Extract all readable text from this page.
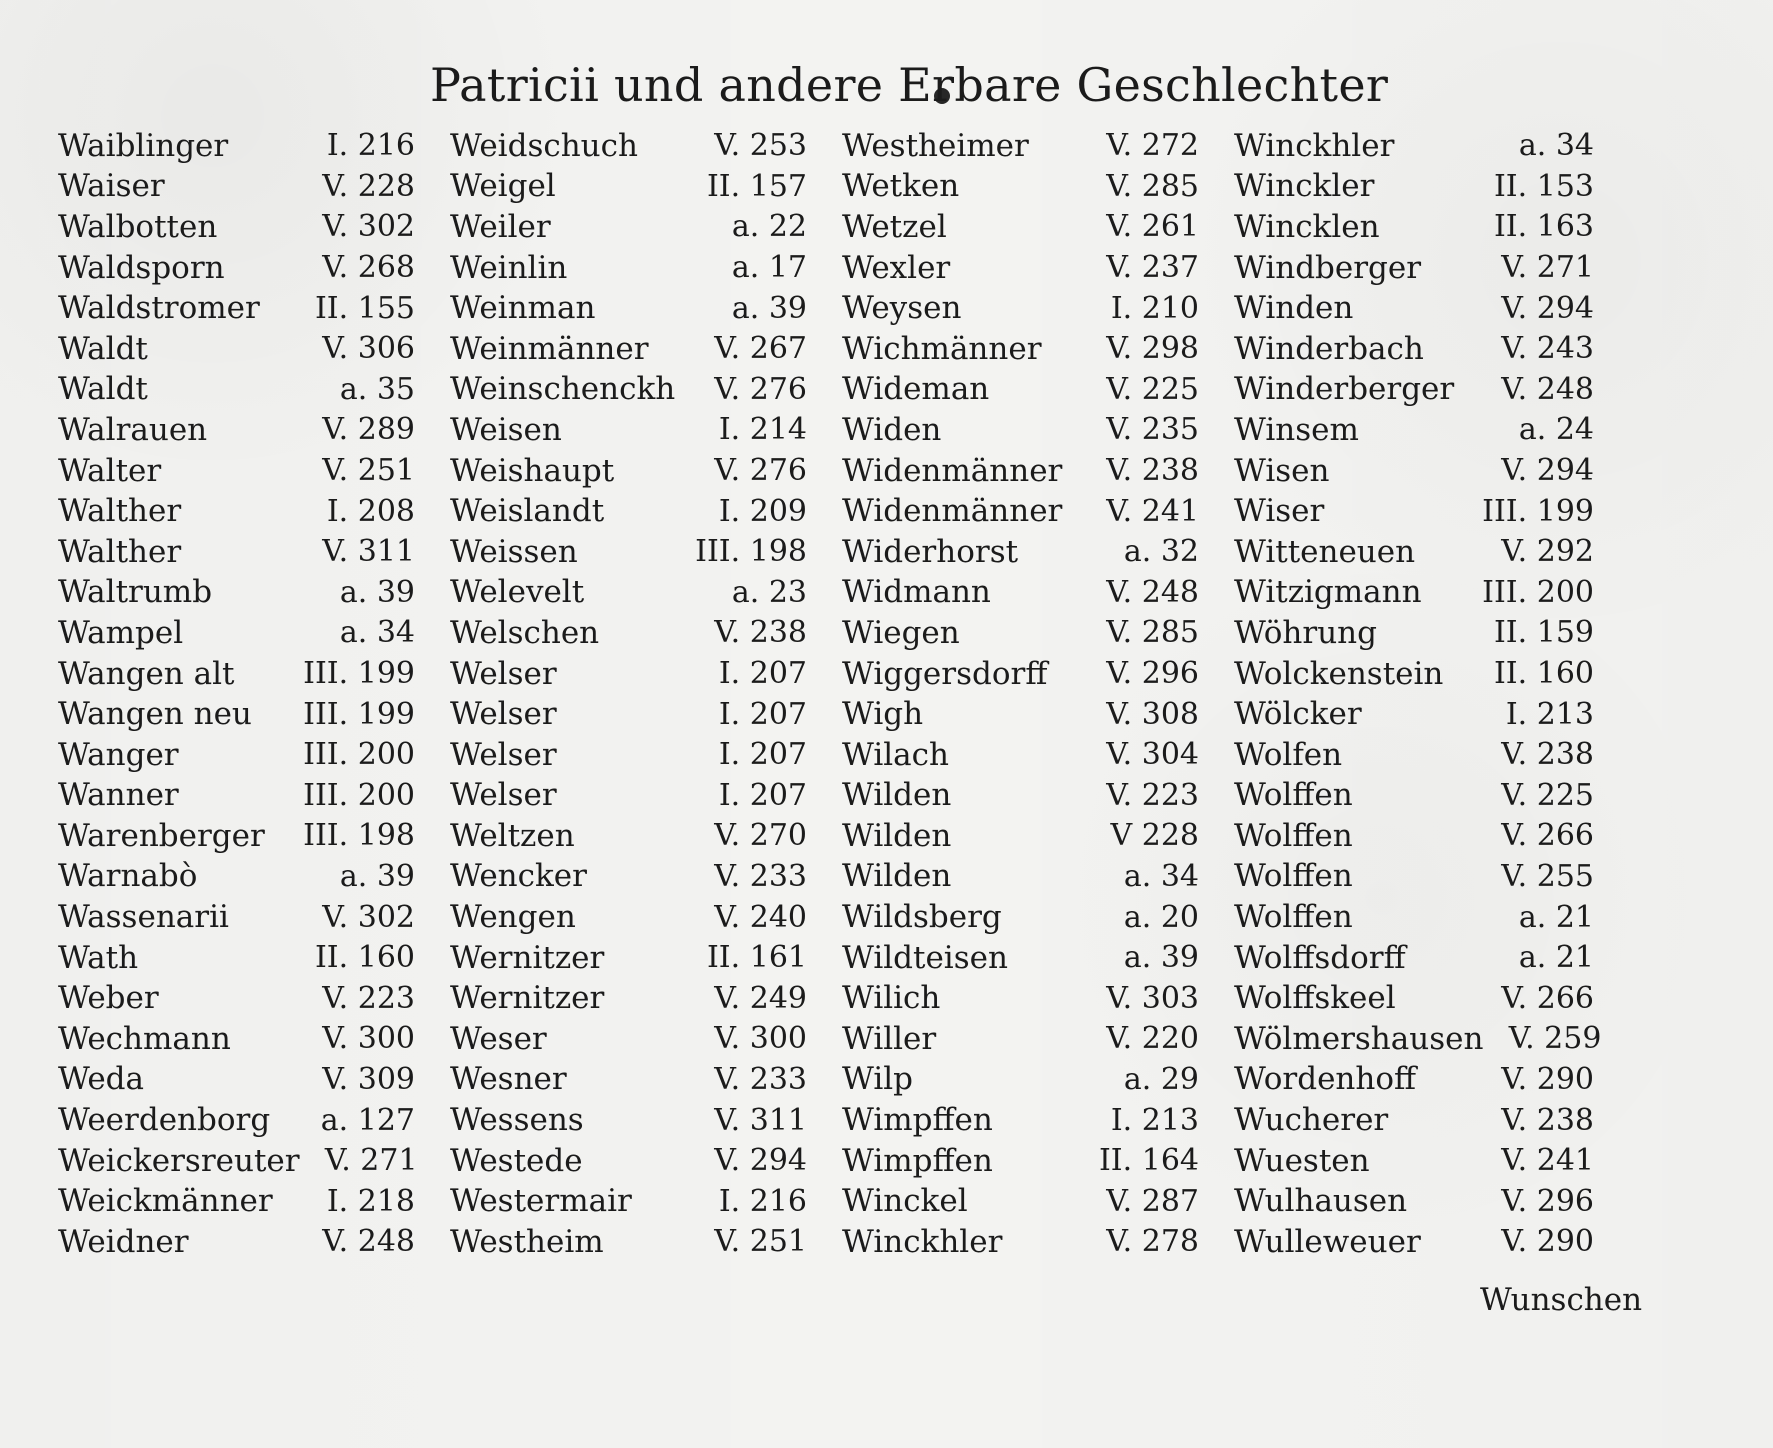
Patricii und andere Erbare Geschlechter
Waiblinger	I. 216
Waiser	V. 228
Walbotten	V. 302
Waldsporn	V. 268
Waldstromer	II. 155
Waldt	V. 306
Waldt	a. 35
Walrauen	V. 289
Walter	V. 251
Walther	I. 208
Walther	V. 311
Waltrumb	a. 39
Wampel	a. 34
Wangen alt	III. 199
Wangen neu	III. 199
Wanger	III. 200
Wanner	III. 200
Warenberger	III. 198
Warnabò	a. 39
Wassenarii	V. 302
Wath	II. 160
Weber	V. 223
Wechmann	V. 300
Weda	V. 309
Weerdenborg	a. 127
Weickersreuter V. 271
Weickmänner	I. 218
Weidner	V. 248
Weidschuch	V. 253
Weigel	II. 157
Weiler	a. 22
Weinlin	a. 17
Weinman	a. 39
Weinmänner	V. 267
Weinschenckh	V. 276
Weisen	I. 214
Weishaupt	V. 276
Weislandt	I. 209
Weissen	III. 198
Welevelt	a. 23
Welschen	V. 238
Welser	I. 207
Welser	I. 207
Welser	I. 207
Welser	I. 207
Weltzen	V. 270
Wencker	V. 233
Wengen	V. 240
Wernitzer	II. 161
Wernitzer	V. 249
Weser	V. 300
Wesner	V. 233
Wessens	V. 311
Westede	V. 294
Westermair	I. 216
Westheim	V. 251
Westheimer	V. 272
Wetken	V. 285
Wetzel	V. 261
Wexler	V. 237
Weysen	I. 210
Wichmänner	V. 298
Wideman	V. 225
Widen	V. 235
Widenmänner	V. 238
Widenmänner	V. 241
Widerhorst	a. 32
Widmann	V. 248
Wiegen	V. 285
Wiggersdorff	V. 296
Wigh	V. 308
Wilach	V. 304
Wilden	V. 223
Wilden	V 228
Wilden	a. 34
Wildsberg	a. 20
Wildteisen	a. 39
Wilich	V. 303
Willer	V. 220
Wilp	a. 29
Wimpffen	I. 213
Wimpffen	II. 164
Winckel	V. 287
Winckhler	V. 278
Winckhler	a. 34
Winckler	II. 153
Wincklen	II. 163
Windberger	V. 271
Winden	V. 294
Winderbach	V. 243
Winderberger	V. 248
Winsem	a. 24
Wisen	V. 294
Wiser	III. 199
Witteneuen	V. 292
Witzigmann	III. 200
Wöhrung	II. 159
Wolckenstein	II. 160
Wölcker	I. 213
Wolfen	V. 238
Wolffen	V. 225
Wolffen	V. 266
Wolffen	V. 255
Wolffen	a. 21
Wolffsdorff	a. 21
Wolffskeel	V. 266
Wölmershausen V. 259
Wordenhoff	V. 290
Wucherer	V. 238
Wuesten	V. 241
Wulhausen	V. 296
Wulleweuer	V. 290
Wunschen
